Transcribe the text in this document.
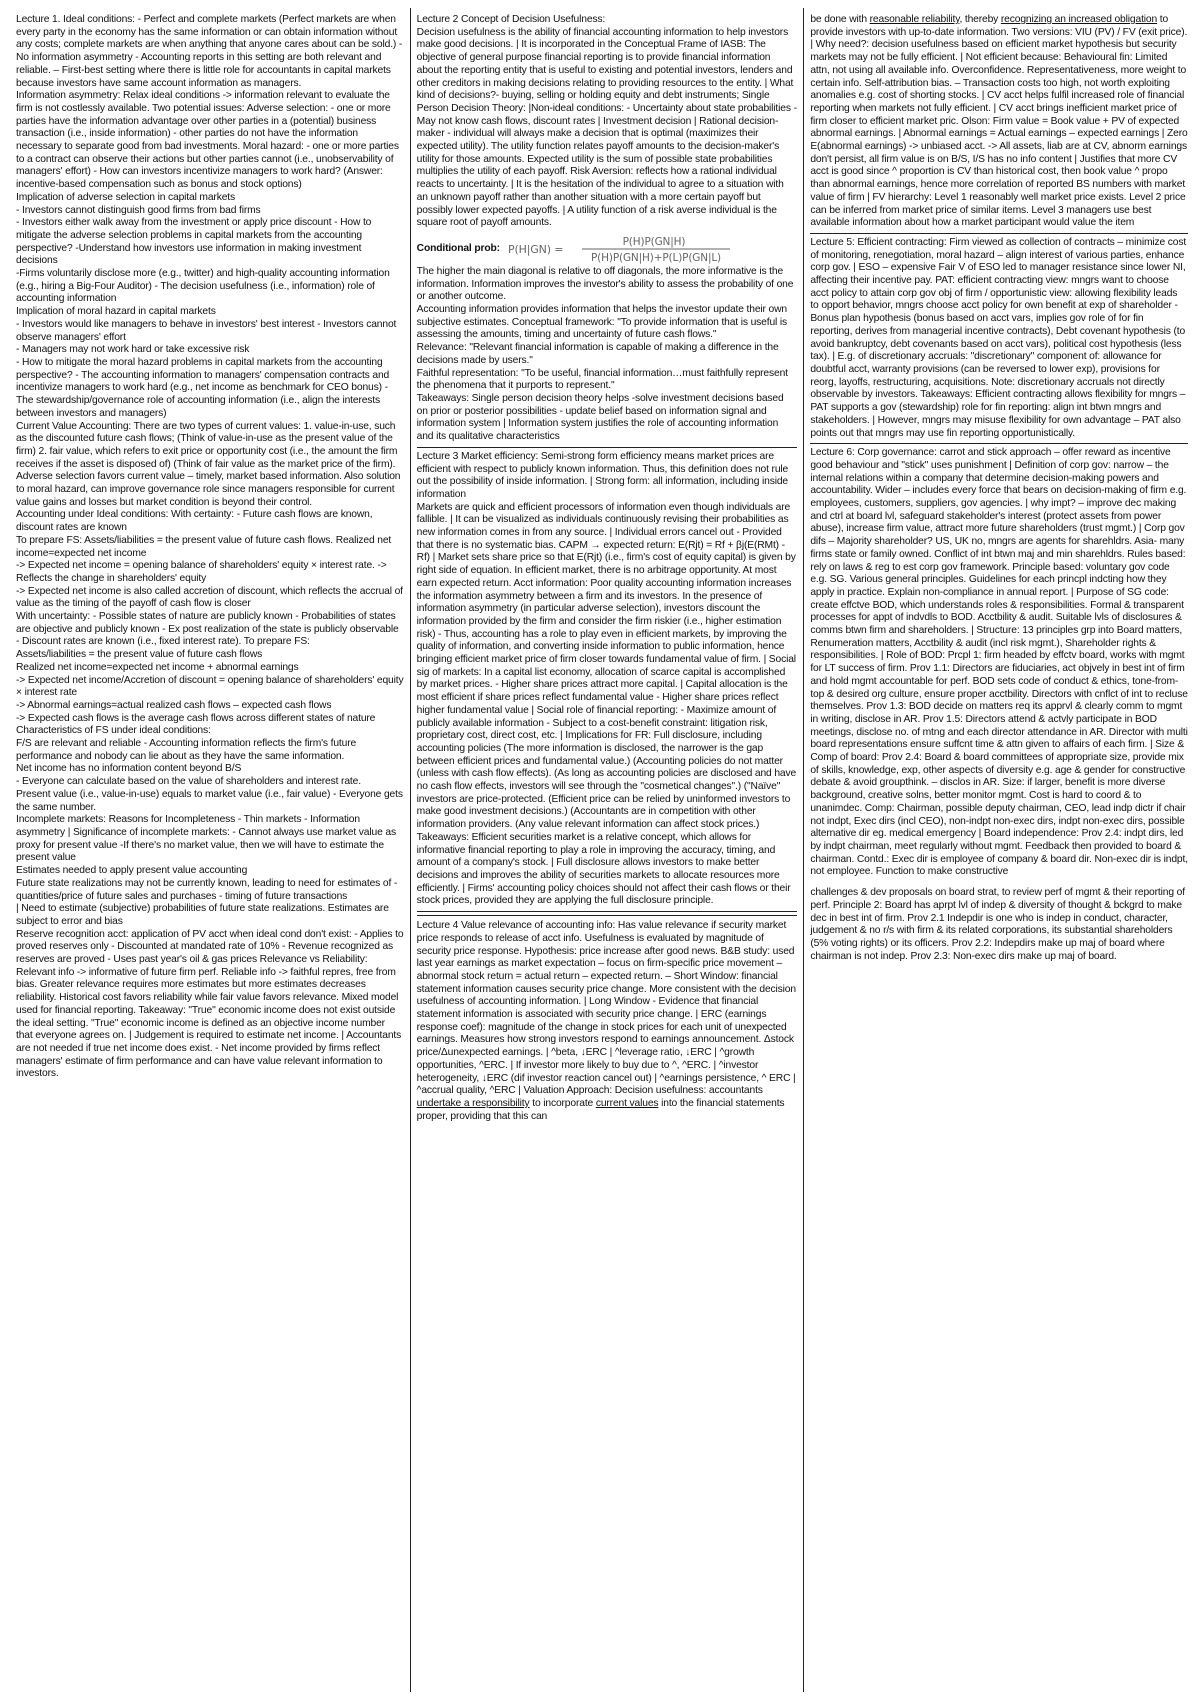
Lecture 1. Ideal conditions: - Perfect and complete markets (Perfect markets are when every party in the economy has the same information or can obtain information without any costs; complete markets are when anything that anyone cares about can be sold.) - No information asymmetry - Accounting reports in this setting are both relevant and reliable. – First-best setting where there is little role for accountants in capital markets because investors have same account information as managers.
Information asymmetry: Relax ideal conditions -> information relevant to evaluate the firm is not costlessly available. Two potential issues: Adverse selection: - one or more parties have the information advantage over other parties in a (potential) business transaction (i.e., inside information) - other parties do not have the information necessary to separate good from bad investments. Moral hazard: - one or more parties to a contract can observe their actions but other parties cannot (i.e., unobservability of managers' effort) - How can investors incentivize managers to work hard? (Answer: incentive-based compensation such as bonus and stock options)
Implication of adverse selection in capital markets
- Investors cannot distinguish good firms from bad firms
- Investors either walk away from the investment or apply price discount - How to mitigate the adverse selection problems in capital markets from the accounting perspective? -Understand how investors use information in making investment decisions
-Firms voluntarily disclose more (e.g., twitter) and high-quality accounting information (e.g., hiring a Big-Four Auditor) - The decision usefulness (i.e., information) role of accounting information
Implication of moral hazard in capital markets
- Investors would like managers to behave in investors' best interest - Investors cannot observe managers' effort
- Managers may not work hard or take excessive risk
- How to mitigate the moral hazard problems in capital markets from the accounting perspective? - The accounting information to managers' compensation contracts and incentivize managers to work hard (e.g., net income as benchmark for CEO bonus) -The stewardship/governance role of accounting information (i.e., align the interests between investors and managers)
Current Value Accounting: There are two types of current values: 1. value-in-use, such as the discounted future cash flows; (Think of value-in-use as the present value of the firm) 2. fair value, which refers to exit price or opportunity cost (i.e., the amount the firm receives if the asset is disposed of) (Think of fair value as the market price of the firm). Adverse selection favors current value – timely, market based information. Also solution to moral hazard, can improve governance role since managers responsible for current value gains and losses but market condition is beyond their control.
Accounting under Ideal conditions: With certainty: - Future cash flows are known, discount rates are known
To prepare FS: Assets/liabilities = the present value of future cash flows. Realized net income=expected net income
-> Expected net income = opening balance of shareholders' equity × interest rate. -> Reflects the change in shareholders' equity
-> Expected net income is also called accretion of discount, which reflects the accrual of value as the timing of the payoff of cash flow is closer
With uncertainty: - Possible states of nature are publicly known - Probabilities of states are objective and publicly known - Ex post realization of the state is publicly observable - Discount rates are known (i.e., fixed interest rate). To prepare FS:
Assets/liabilities = the present value of future cash flows
Realized net income=expected net income + abnormal earnings
-> Expected net income/Accretion of discount = opening balance of shareholders' equity × interest rate
-> Abnormal earnings=actual realized cash flows – expected cash flows
-> Expected cash flows is the average cash flows across different states of nature
Characteristics of FS under ideal conditions:
F/S are relevant and reliable - Accounting information reflects the firm's future performance and nobody can lie about as they have the same information.
Net income has no information content beyond B/S
- Everyone can calculate based on the value of shareholders and interest rate.
Present value (i.e., value-in-use) equals to market value (i.e., fair value) - Everyone gets the same number.
Incomplete markets: Reasons for Incompleteness - Thin markets - Information asymmetry | Significance of incomplete markets: - Cannot always use market value as proxy for present value -If there's no market value, then we will have to estimate the present value
Estimates needed to apply present value accounting
Future state realizations may not be currently known, leading to need for estimates of - quantities/price of future sales and purchases - timing of future transactions
| Need to estimate (subjective) probabilities of future state realizations. Estimates are subject to error and bias
Reserve recognition acct: application of PV acct when ideal cond don't exist: - Applies to proved reserves only - Discounted at mandated rate of 10% - Revenue recognized as reserves are proved - Uses past year's oil & gas prices Relevance vs Reliability: Relevant info -> informative of future firm perf. Reliable info -> faithful repres, free from bias. Greater relevance requires more estimates but more estimates decreases reliability. Historical cost favors reliability while fair value favors relevance. Mixed model used for financial reporting. Takeaway: "True" economic income does not exist outside the ideal setting. "True" economic income is defined as an objective income number that everyone agrees on. | Judgement is required to estimate net income. | Accountants are not needed if true net income does exist. - Net income provided by firms reflect managers' estimate of firm performance and can have value relevant information to investors.

Lecture 2 Concept of Decision Usefulness:
Decision usefulness is the ability of financial accounting information to help investors make good decisions. | It is incorporated in the Conceptual Frame of IASB: The objective of general purpose financial reporting is to provide financial information about the reporting entity that is useful to existing and potential investors, lenders and other creditors in making decisions relating to providing resources to the entity. | What kind of decisions?- buying, selling or holding equity and debt instruments; Single Person Decision Theory: |Non-ideal conditions: - Uncertainty about state probabilities - May not know cash flows, discount rates | Investment decision | Rational decision-maker - individual will always make a decision that is optimal (maximizes their expected utility). The utility function relates payoff amounts to the decision-maker's utility for those amounts. Expected utility is the sum of possible state probabilities multiplies the utility of each payoff. Risk Aversion: reflects how a rational individual reacts to uncertainty. | It is the hesitation of the individual to agree to a situation with an unknown payoff rather than another situation with a more certain payoff but possibly lower expected payoffs. | A utility function of a risk averse individual is the square root of payoff amounts.

Conditional prob: P(H|GN) =
P(H)P(GN|H)
P(H)P(GN|H)+P(L)P(GN|L)

The higher the main diagonal is relative to off diagonals, the more informative is the information. Information improves the investor's ability to assess the probability of one or another outcome.
Accounting information provides information that helps the investor update their own subjective estimates. Conceptual framework: "To provide information that is useful is assessing the amounts, timing and uncertainty of future cash flows."
Relevance: "Relevant financial information is capable of making a difference in the decisions made by users."
Faithful representation: "To be useful, financial information…must faithfully represent the phenomena that it purports to represent."
Takeaways: Single person decision theory helps -solve investment decisions based on prior or posterior possibilities - update belief based on information signal and information system | Information system justifies the role of accounting information and its qualitative characteristics

Lecture 3 Market efficiency: Semi-strong form efficiency means market prices are efficient with respect to publicly known information. Thus, this definition does not rule out the possibility of inside information. | Strong form: all information, including inside information
Markets are quick and efficient processors of information even though individuals are fallible. | It can be visualized as individuals continuously revising their probabilities as new information comes in from any source. | Individual errors cancel out - Provided that there is no systematic bias. CAPM → expected return: E(Rjt) = Rf + βj(E(RMt) - Rf) | Market sets share price so that E(Rjt) (i.e., firm's cost of equity capital) is given by right side of equation. In efficient market, there is no arbitrage opportunity. At most earn expected return. Acct information: Poor quality accounting information increases the information asymmetry between a firm and its investors. In the presence of information asymmetry (in particular adverse selection), investors discount the information provided by the firm and consider the firm riskier (i.e., higher estimation risk) - Thus, accounting has a role to play even in efficient markets, by improving the quality of information, and converting inside information to public information, hence bringing efficient market price of firm closer towards fundamental value of firm. | Social sig of markets: In a capital list economy, allocation of scarce capital is accomplished by market prices. - Higher share prices attract more capital. | Capital allocation is the most efficient if share prices reflect fundamental value - Higher share prices reflect higher fundamental value | Social role of financial reporting: - Maximize amount of publicly available information - Subject to a cost-benefit constraint: litigation risk, proprietary cost, direct cost, etc. | Implications for FR: Full disclosure, including accounting policies (The more information is disclosed, the narrower is the gap between efficient prices and fundamental value.) (Accounting policies do not matter (unless with cash flow effects). (As long as accounting policies are disclosed and have no cash flow effects, investors will see through the "cosmetical changes".) ("Naïve" investors are price-protected. (Efficient price can be relied by uninformed investors to make good investment decisions.) (Accountants are in competition with other information providers. (Any value relevant information can affect stock prices.) Takeaways: Efficient securities market is a relative concept, which allows for informative financial reporting to play a role in improving the accuracy, timing, and amount of a company's stock. | Full disclosure allows investors to make better decisions and improves the ability of securities markets to allocate resources more efficiently. | Firms' accounting policy choices should not affect their cash flows or their stock prices, provided they are applying the full disclosure principle.

Lecture 4 Value relevance of accounting info: Has value relevance if security market price responds to release of acct info. Usefulness is evaluated by magnitude of security price response. Hypothesis: price increase after good news. B&B study: used last year earnings as market expectation – focus on firm-specific price movement – abnormal stock return = actual return – expected return. – Short Window: financial statement information causes security price change. More consistent with the decision usefulness of accounting information. | Long Window - Evidence that financial statement information is associated with security price change. | ERC (earnings response coef): magnitude of the change in stock prices for each unit of unexpected earnings. Measures how strong investors respond to earnings announcement. Δstock price/Δunexpected earnings. | ^beta, ↓ERC | ^leverage ratio, ↓ERC | ^growth opportunities, ^ERC. | If investor more likely to buy due to ^, ^ERC. | ^investor heterogeneity, ↓ERC (dif investor reaction cancel out) | ^earnings persistence, ^ ERC | ^accrual quality, ^ERC | Valuation Approach: Decision usefulness: accountants undertake a responsibility to incorporate current values into the financial statements proper, providing that this can

be done with reasonable reliability, thereby recognizing an increased obligation to provide investors with up-to-date information. Two versions: VIU (PV) / FV (exit price). | Why need?: decision usefulness based on efficient market hypothesis but security markets may not be fully efficient. | Not efficient because: Behavioural fin: Limited attn, not using all available info. Overconfidence. Representativeness, more weight to certain info. Self-attribution bias. – Transaction costs too high, not worth exploiting anomalies e.g. cost of shorting stocks. | CV acct helps fulfil increased role of financial reporting when markets not fully efficient. | CV acct brings inefficient market price of firm closer to efficient market pric. Olson: Firm value = Book value + PV of expected abnormal earnings. | Abnormal earnings = Actual earnings – expected earnings | Zero E(abnormal earnings) -> unbiased acct. -> All assets, liab are at CV, abnorm earnings don't persist, all firm value is on B/S, I/S has no info content | Justifies that more CV acct is good since ^ proportion is CV than historical cost, then book value ^ propo than abnormal earnings, hence more correlation of reported BS numbers with market value of firm | FV hierarchy: Level 1 reasonably well market price exists. Level 2 price can be inferred from market price of similar items. Level 3 managers use best available information about how a market participant would value the item

Lecture 5: Efficient contracting: Firm viewed as collection of contracts – minimize cost of monitoring, renegotiation, moral hazard – align interest of various parties, enhance corp gov. | ESO – expensive Fair V of ESO led to manager resistance since lower NI, affecting their incentive pay. PAT: efficient contracting view: mngrs want to choose acct policy to attain corp gov obj of firm / opportunistic view: allowing flexibility leads to opport behavior, mngrs choose acct policy for own benefit at exp of shareholder - Bonus plan hypothesis (bonus based on acct vars, implies gov role of for fin reporting, derives from managerial incentive contracts), Debt covenant hypothesis (to avoid bankruptcy, debt covenants based on acct vars), political cost hypothesis (less tax). | E.g. of discretionary accruals: "discretionary" component of: allowance for doubtful acct, warranty provisions (can be reversed to lower exp), provisions for reorg, layoffs, restructuring, acquisitions. Note: discretionary accruals not directly observable by investors. Takeaways: Efficient contracting allows flexibility for mngrs – PAT supports a gov (stewardship) role for fin reporting: align int btwn mngrs and stakeholders. | However, mngrs may misuse flexibility for own advantage – PAT also points out that mngrs may use fin reporting opportunistically.

Lecture 6: Corp governance: carrot and stick approach – offer reward as incentive good behaviour and "stick" uses punishment | Definition of corp gov: narrow – the internal relations within a company that determine decision-making powers and accountability. Wider – includes every force that bears on decision-making of firm e.g. employees, customers, suppliers, gov agencies. | why impt? – improve dec making and ctrl at board lvl, safeguard stakeholder's interest (protect assets from power abuse), increase firm value, attract more future shareholders (trust mgmt.) | Corp gov difs – Majority shareholder? US, UK no, mngrs are agents for sharehldrs. Asia- many firms state or family owned. Conflict of int btwn maj and min sharehldrs. Rules based: rely on laws & reg to est corp gov framework. Principle based: voluntary gov code e.g. SG. Various general principles. Guidelines for each princpl indcting how they apply in practice. Explain non-compliance in annual report. | Purpose of SG code: create effctve BOD, which understands roles & responsibilities. Formal & transparent processes for appt of indvdls to BOD. Acctbility & audit. Suitable lvls of disclosures & comms btwn firm and shareholders. | Structure: 13 principles grp into Board matters, Renumeration matters, Acctbility & audit (incl risk mgmt.), Shareholder rights & responsibilities. | Role of BOD: Prcpl 1: firm headed by effctv board, works with mgmt for LT success of firm. Prov 1.1: Directors are fiduciaries, act objvely in best int of firm and hold mgmt accountable for perf. BOD sets code of conduct & ethics, tone-from-top & desired org culture, ensure proper acctbility. Directors with cnflct of int to recluse themselves. Prov 1.3: BOD decide on matters req its apprvl & clearly comm to mgmt in writing, disclose in AR. Prov 1.5: Directors attend & actvly participate in BOD meetings, disclose no. of mtng and each director attendance in AR. Director with multi board representations ensure suffcnt time & attn given to affairs of each firm. | Size & Comp of board: Prov 2.4: Board & board committees of appropriate size, provide mix of skills, knowledge, exp, other aspects of diversity e.g. age & gender for constructive debate & avoid groupthink. – disclos in AR. Size: if larger, benefit is more diverse background, creative solns, better monitor mgmt. Cost is hard to coord & to unanimdec. Comp: Chairman, possible deputy chairman, CEO, lead indp dictr if chair not indpt, Exec dirs (incl CEO), non-indpt non-exec dirs, indpt non-exec dirs, possible alternative dir eg. medical emergency | Board independence: Prov 2.4: indpt dirs, led by indpt chairman, meet regularly without mgmt. Feedback then provided to board & chairman. Contd.: Exec dir is employee of company & board dir. Non-exec dir is indpt, not employee. Function to make constructive

challenges & dev proposals on board strat, to review perf of mgmt & their reporting of perf. Principle 2: Board has aprpt lvl of indep & diversity of thought & bckgrd to make dec in best int of firm. Prov 2.1 Indepdir is one who is indep in conduct, character, judgement & no r/s with firm & its related corporations, its substantial shareholders (5% voting rights) or its officers. Prov 2.2: Indepdirs make up maj of board where chairman is not indep. Prov 2.3: Non-exec dirs make up maj of board.
